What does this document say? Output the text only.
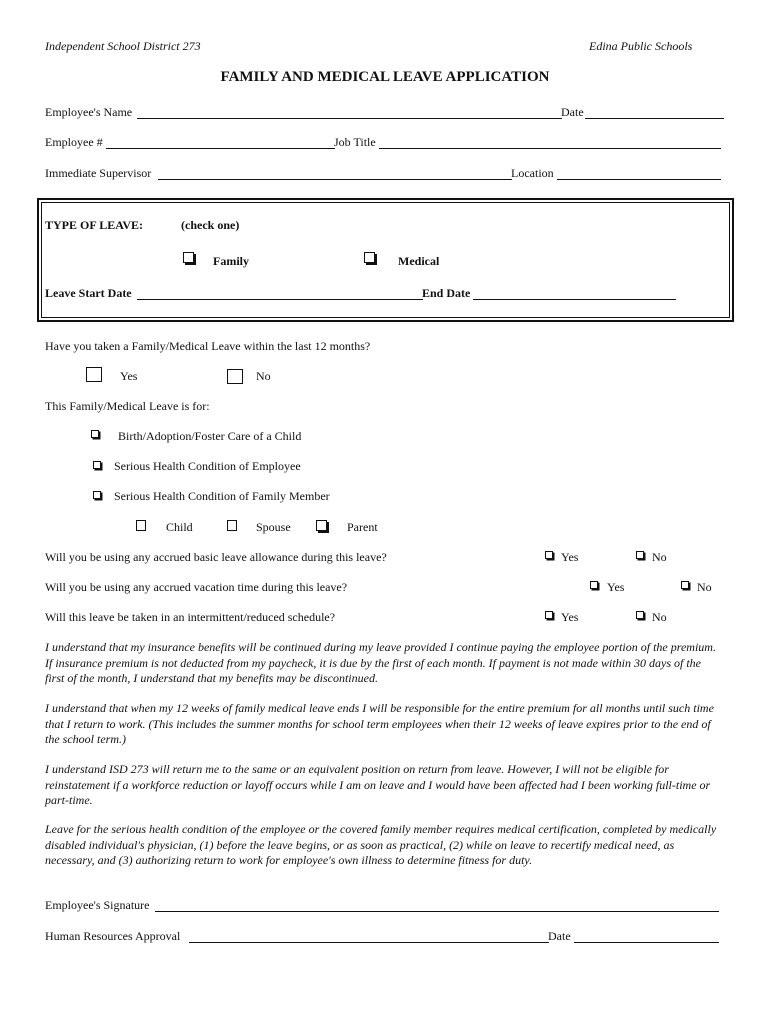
Independent School District 273	Edina Public Schools
FAMILY AND MEDICAL LEAVE APPLICATION
Employee's Name	Date
Employee #	Job Title
Immediate Supervisor	Location
TYPE OF LEAVE:	(check one)
Family	Medical
Leave Start Date	End Date
Have you taken a Family/Medical Leave within the last 12 months?
Yes	No
This Family/Medical Leave is for:
Birth/Adoption/Foster Care of a Child
Serious Health Condition of Employee
Serious Health Condition of Family Member
Child	Spouse	Parent
Will you be using any accrued basic leave allowance during this leave?	Yes	No
Will you be using any accrued vacation time during this leave?	Yes	No
Will this leave be taken in an intermittent/reduced schedule?	Yes	No
I understand that my insurance benefits will be continued during my leave provided I continue paying the employee portion of the premium. If insurance premium is not deducted from my paycheck, it is due by the first of each month. If payment is not made within 30 days of the first of the month, I understand that my benefits may be discontinued.
I understand that when my 12 weeks of family medical leave ends I will be responsible for the entire premium for all months until such time that I return to work. (This includes the summer months for school term employees when their 12 weeks of leave expires prior to the end of the school term.)
I understand ISD 273 will return me to the same or an equivalent position on return from leave. However, I will not be eligible for reinstatement if a workforce reduction or layoff occurs while I am on leave and I would have been affected had I been working full-time or part-time.
Leave for the serious health condition of the employee or the covered family member requires medical certification, completed by medically disabled individual's physician, (1) before the leave begins, or as soon as practical, (2) while on leave to recertify medical need, as necessary, and (3) authorizing return to work for employee's own illness to determine fitness for duty.
Employee's Signature
Human Resources Approval	Date
